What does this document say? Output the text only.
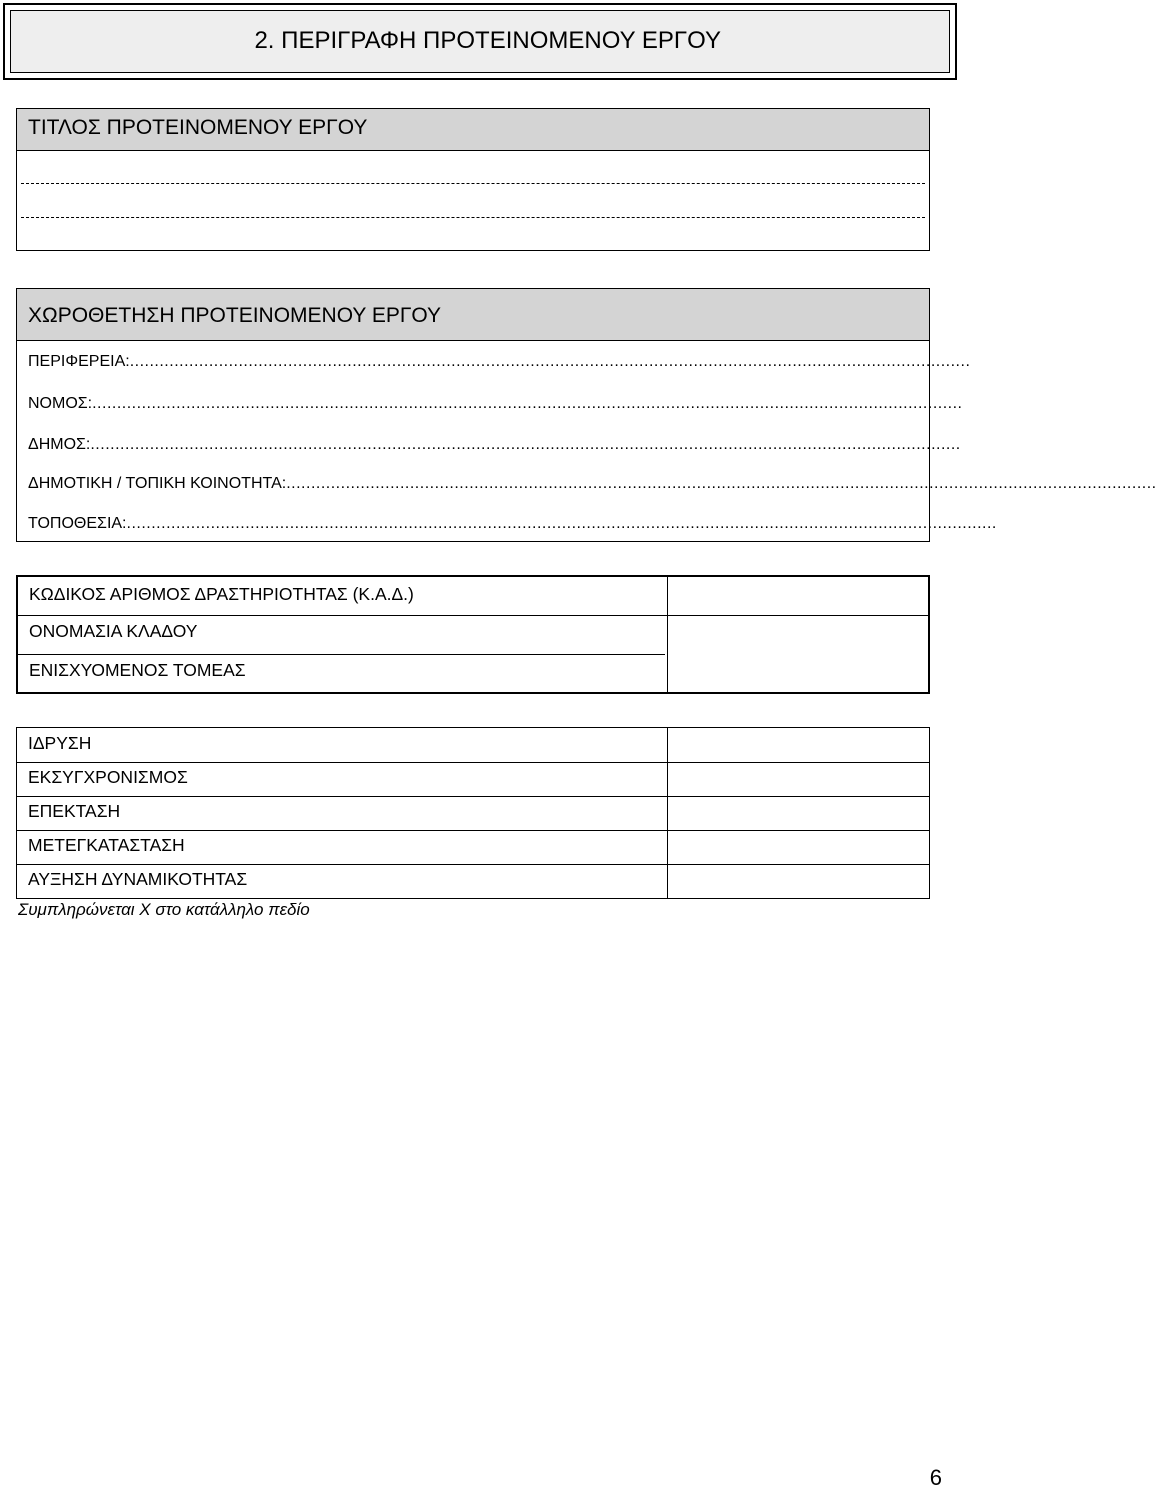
2. ΠΕΡΙΓΡΑΦΗ ΠΡΟΤΕΙΝΟΜΕΝΟΥ ΕΡΓΟΥ
ΤΙΤΛΟΣ ΠΡΟΤΕΙΝΟΜΕΝΟΥ ΕΡΓΟΥ
ΧΩΡΟΘΕΤΗΣΗ ΠΡΟΤΕΙΝΟΜΕΝΟΥ ΕΡΓΟΥ
ΠΕΡΙΦΕΡΕΙΑ:..........................................................................................................................................................................
ΝΟΜΟΣ:................................................................................................................................................................................
ΔΗΜΟΣ:................................................................................................................................................................................
ΔΗΜΟΤΙΚΗ / ΤΟΠΙΚΗ ΚΟΙΝΟΤΗΤΑ:................................................................................................................................................................................
ΤΟΠΟΘΕΣΙΑ:................................................................................................................................................................................
ΚΩΔΙΚΟΣ ΑΡΙΘΜΟΣ ΔΡΑΣΤΗΡΙΟΤΗΤΑΣ (Κ.Α.Δ.)
ΟΝΟΜΑΣΙΑ ΚΛΑΔΟΥ
ΕΝΙΣΧΥΟΜΕΝΟΣ ΤΟΜΕΑΣ
ΙΔΡΥΣΗ
ΕΚΣΥΓΧΡΟΝΙΣΜΟΣ
ΕΠΕΚΤΑΣΗ
ΜΕΤΕΓΚΑΤΑΣΤΑΣΗ
ΑΥΞΗΣΗ ΔΥΝΑΜΙΚΟΤΗΤΑΣ
Συμπληρώνεται Χ στο κατάλληλο πεδίο
6
